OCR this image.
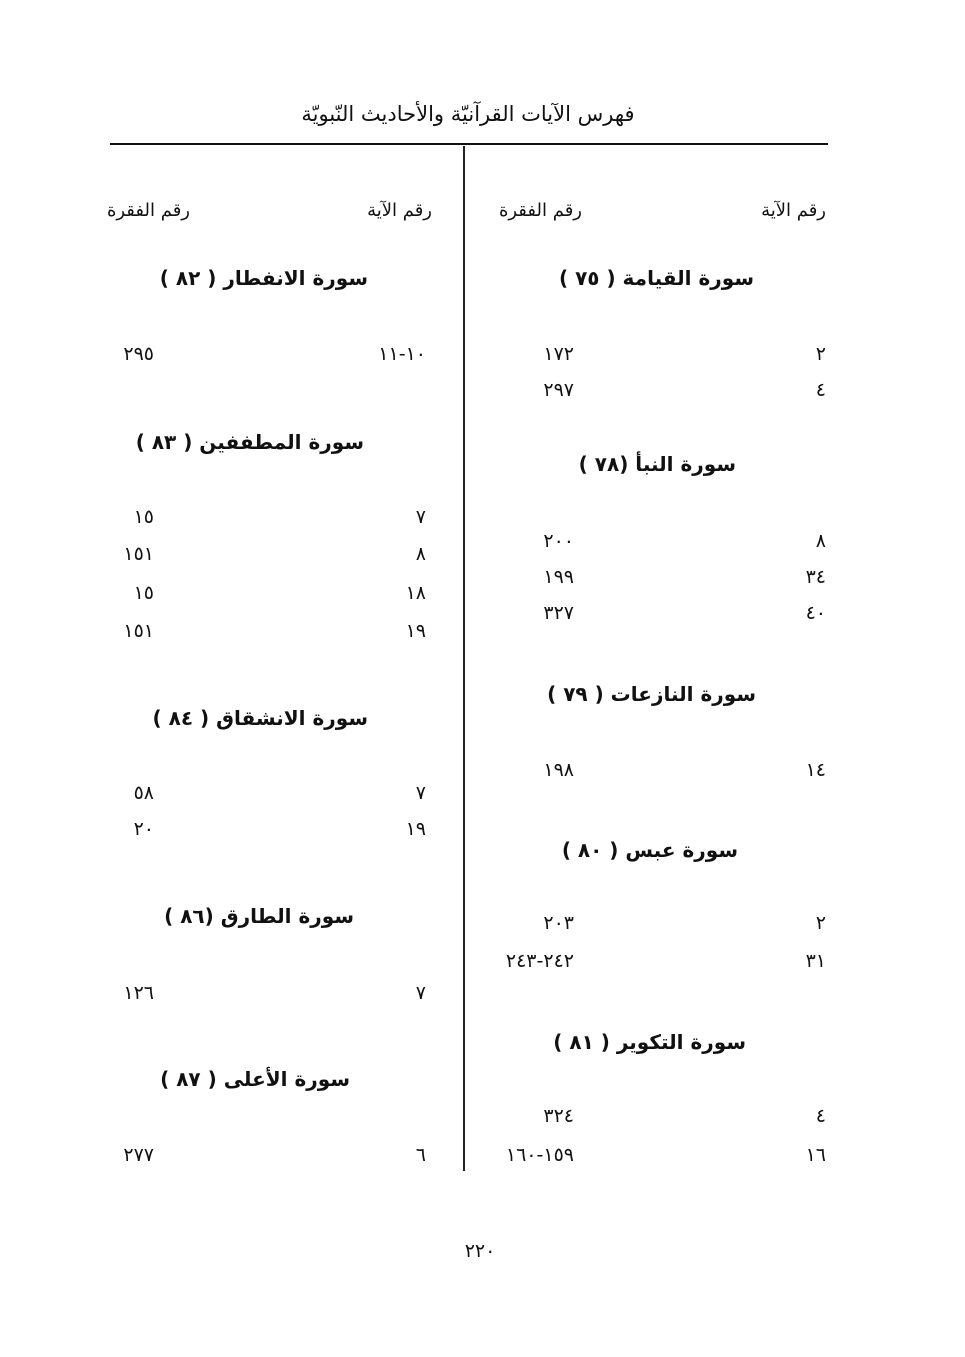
فهرس الآيات القرآنيّة والأحاديث النّبويّة
رقم الآية
رقم الفقرة
سورة القيامة ( ٧٥ )
٢
١٧٢
٤
٢٩٧
سورة النبأ (٧٨ )
٨
٢٠٠
٣٤
١٩٩
٤٠
٣٢٧
سورة النازعات ( ٧٩ )
١٤
١٩٨
سورة عبس ( ٨٠ )
٢
٢٠٣
٣١
٢٤٢-٢٤٣
سورة التكوير ( ٨١ )
٤
٣٢٤
١٦
١٥٩-١٦٠
رقم الآية
رقم الفقرة
سورة الانفطار ( ٨٢ )
١٠-١١
٢٩٥
سورة المطففين ( ٨٣ )
٧
١٥
٨
١٥١
١٨
١٥
١٩
١٥١
سورة الانشقاق ( ٨٤ )
٧
٥٨
١٩
٢٠
سورة الطارق (٨٦ )
٧
١٢٦
سورة الأعلى ( ٨٧ )
٦
٢٧٧
٢٢٠
